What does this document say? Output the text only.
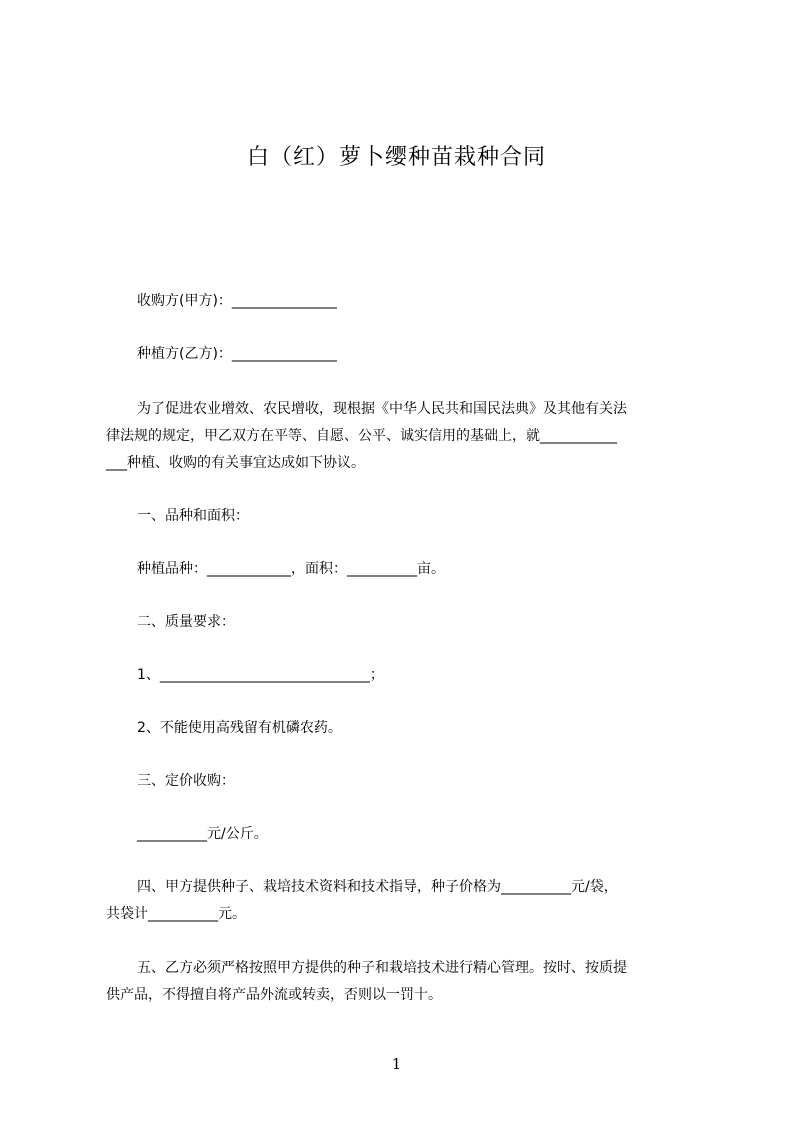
白（红）萝卜缨种苗栽种合同
收购方(甲方)：_______________
种植方(乙方)：_______________
为了促进农业增效、农民增收，现根据《中华人民共和国民法典》及其他有关法
律法规的规定，甲乙双方在平等、自愿、公平、诚实信用的基础上，就___________
___种植、收购的有关事宜达成如下协议。
一、品种和面积：
种植品种：____________，面积：__________亩。
二、质量要求：
1、______________________________；
2、不能使用高残留有机磷农药。
三、定价收购：
__________元/公斤。
四、甲方提供种子、栽培技术资料和技术指导，种子价格为__________元/袋，
共袋计__________元。
五、乙方必须严格按照甲方提供的种子和栽培技术进行精心管理。按时、按质提
供产品，不得擅自将产品外流或转卖，否则以一罚十。
1
